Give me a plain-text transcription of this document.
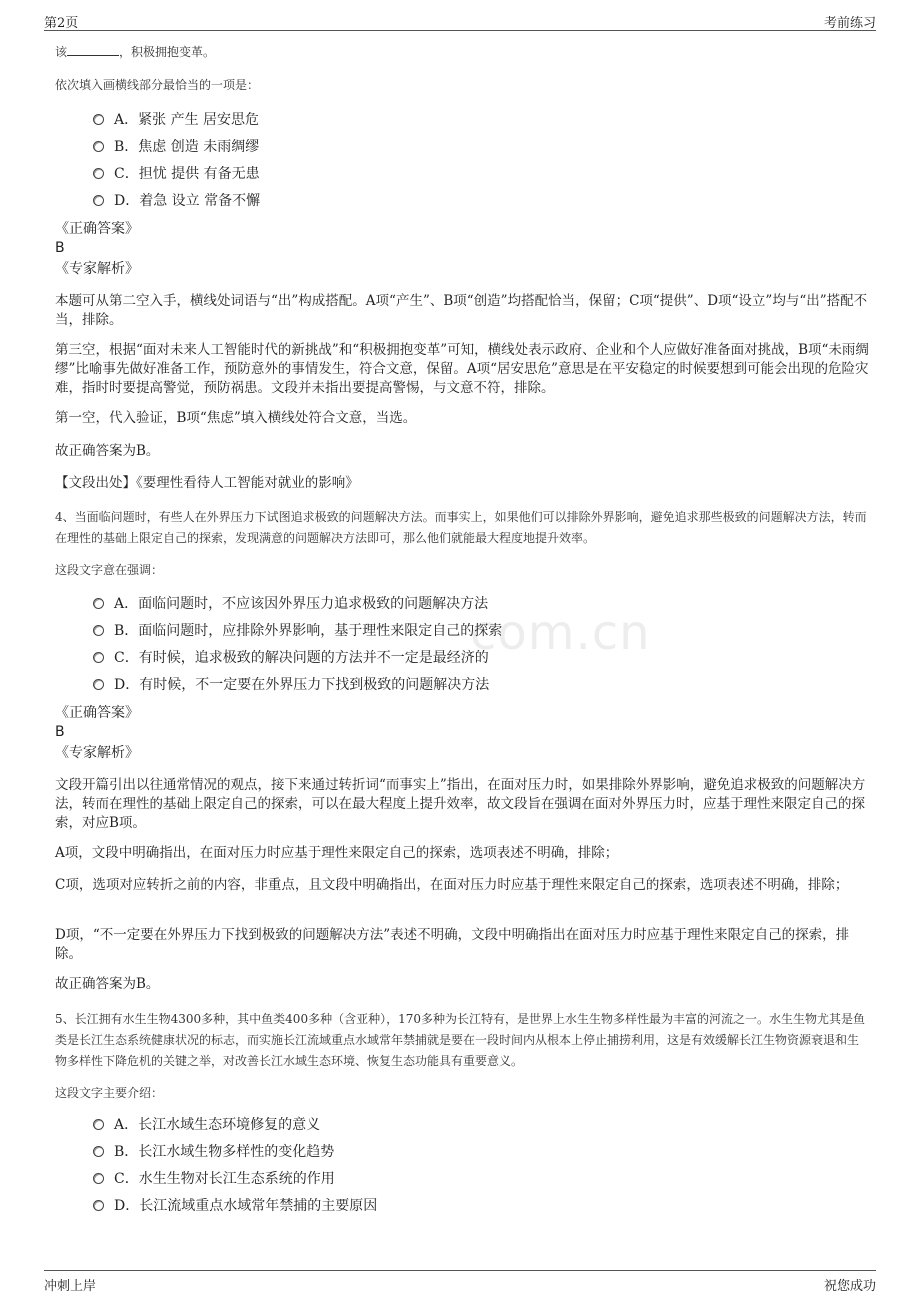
第2页	考前练习
com.cn
该	，积极拥抱变革。
依次填入画横线部分最恰当的一项是：
A．紧张 产生 居安思危
B．焦虑 创造 未雨绸缪
C．担忧 提供 有备无患
D．着急 设立 常备不懈
《正确答案》
B
《专家解析》
本题可从第二空入手，横线处词语与“出”构成搭配。A项“产生”、B项“创造”均搭配恰当，保留；C项“提供”、D项“设立”均与“出”搭配不当，排除。
第三空，根据“面对未来人工智能时代的新挑战”和“积极拥抱变革”可知，横线处表示政府、企业和个人应做好准备面对挑战，B项“未雨绸缪”比喻事先做好准备工作，预防意外的事情发生，符合文意，保留。A项“居安思危”意思是在平安稳定的时候要想到可能会出现的危险灾难，指时时要提高警觉，预防祸患。文段并未指出要提高警惕，与文意不符，排除。
第一空，代入验证，B项“焦虑”填入横线处符合文意，当选。
故正确答案为B。
【文段出处】《要理性看待人工智能对就业的影响》
4、当面临问题时，有些人在外界压力下试图追求极致的问题解决方法。而事实上，如果他们可以排除外界影响，避免追求那些极致的问题解决方法，转而在理性的基础上限定自己的探索，发现满意的问题解决方法即可，那么他们就能最大程度地提升效率。
这段文字意在强调：
A．面临问题时，不应该因外界压力追求极致的问题解决方法
B．面临问题时，应排除外界影响，基于理性来限定自己的探索
C．有时候，追求极致的解决问题的方法并不一定是最经济的
D．有时候，不一定要在外界压力下找到极致的问题解决方法
《正确答案》
B
《专家解析》
文段开篇引出以往通常情况的观点，接下来通过转折词“而事实上”指出，在面对压力时，如果排除外界影响，避免追求极致的问题解决方法，转而在理性的基础上限定自己的探索，可以在最大程度上提升效率，故文段旨在强调在面对外界压力时，应基于理性来限定自己的探索，对应B项。
A项，文段中明确指出，在面对压力时应基于理性来限定自己的探索，选项表述不明确，排除；
C项，选项对应转折之前的内容，非重点，且文段中明确指出，在面对压力时应基于理性来限定自己的探索，选项表述不明确，排除；
D项，“不一定要在外界压力下找到极致的问题解决方法”表述不明确，文段中明确指出在面对压力时应基于理性来限定自己的探索，排除。
故正确答案为B。
5、长江拥有水生生物4300多种，其中鱼类400多种（含亚种），170多种为长江特有，是世界上水生生物多样性最为丰富的河流之一。水生生物尤其是鱼类是长江生态系统健康状况的标志，而实施长江流域重点水域常年禁捕就是要在一段时间内从根本上停止捕捞利用，这是有效缓解长江生物资源衰退和生物多样性下降危机的关键之举，对改善长江水域生态环境、恢复生态功能具有重要意义。
这段文字主要介绍：
A．长江水域生态环境修复的意义
B．长江水域生物多样性的变化趋势
C．水生生物对长江生态系统的作用
D．长江流域重点水域常年禁捕的主要原因
冲刺上岸	祝您成功
